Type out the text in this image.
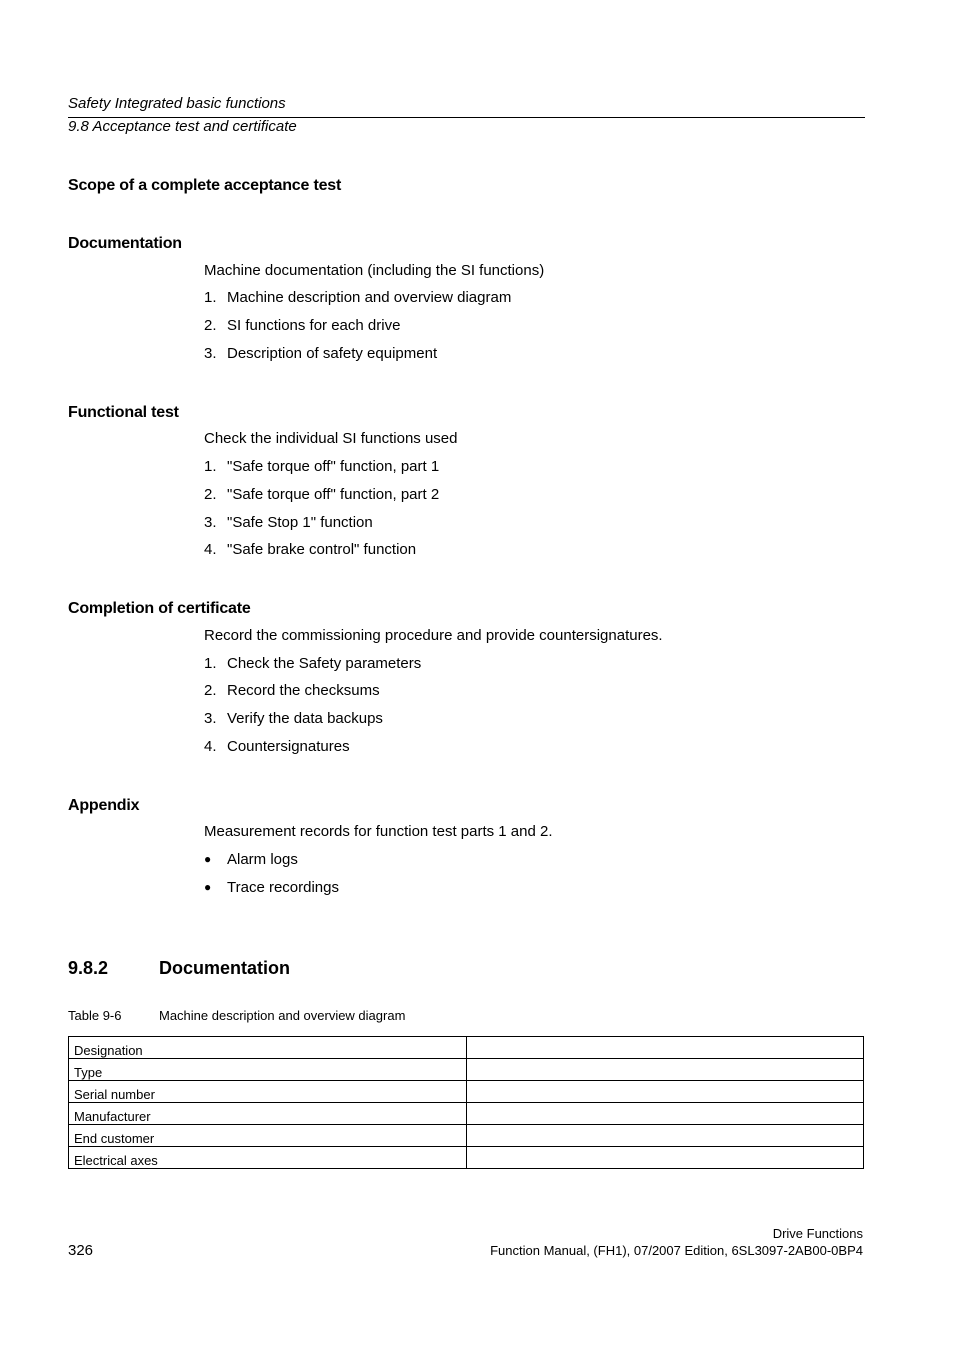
Safety Integrated basic functions
9.8 Acceptance test and certificate
Scope of a complete acceptance test
Documentation
Machine documentation (including the SI functions)
1. Machine description and overview diagram
2. SI functions for each drive
3. Description of safety equipment
Functional test
Check the individual SI functions used
1. "Safe torque off" function, part 1
2. "Safe torque off" function, part 2
3. "Safe Stop 1" function
4. "Safe brake control" function
Completion of certificate
Record the commissioning procedure and provide countersignatures.
1. Check the Safety parameters
2. Record the checksums
3. Verify the data backups
4. Countersignatures
Appendix
Measurement records for function test parts 1 and 2.
● Alarm logs
● Trace recordings
9.8.2	Documentation
Table 9-6	Machine description and overview diagram
Designation	
Type	
Serial number	
Manufacturer	
End customer	
Electrical axes	
Drive Functions
326	Function Manual, (FH1), 07/2007 Edition, 6SL3097-2AB00-0BP4
